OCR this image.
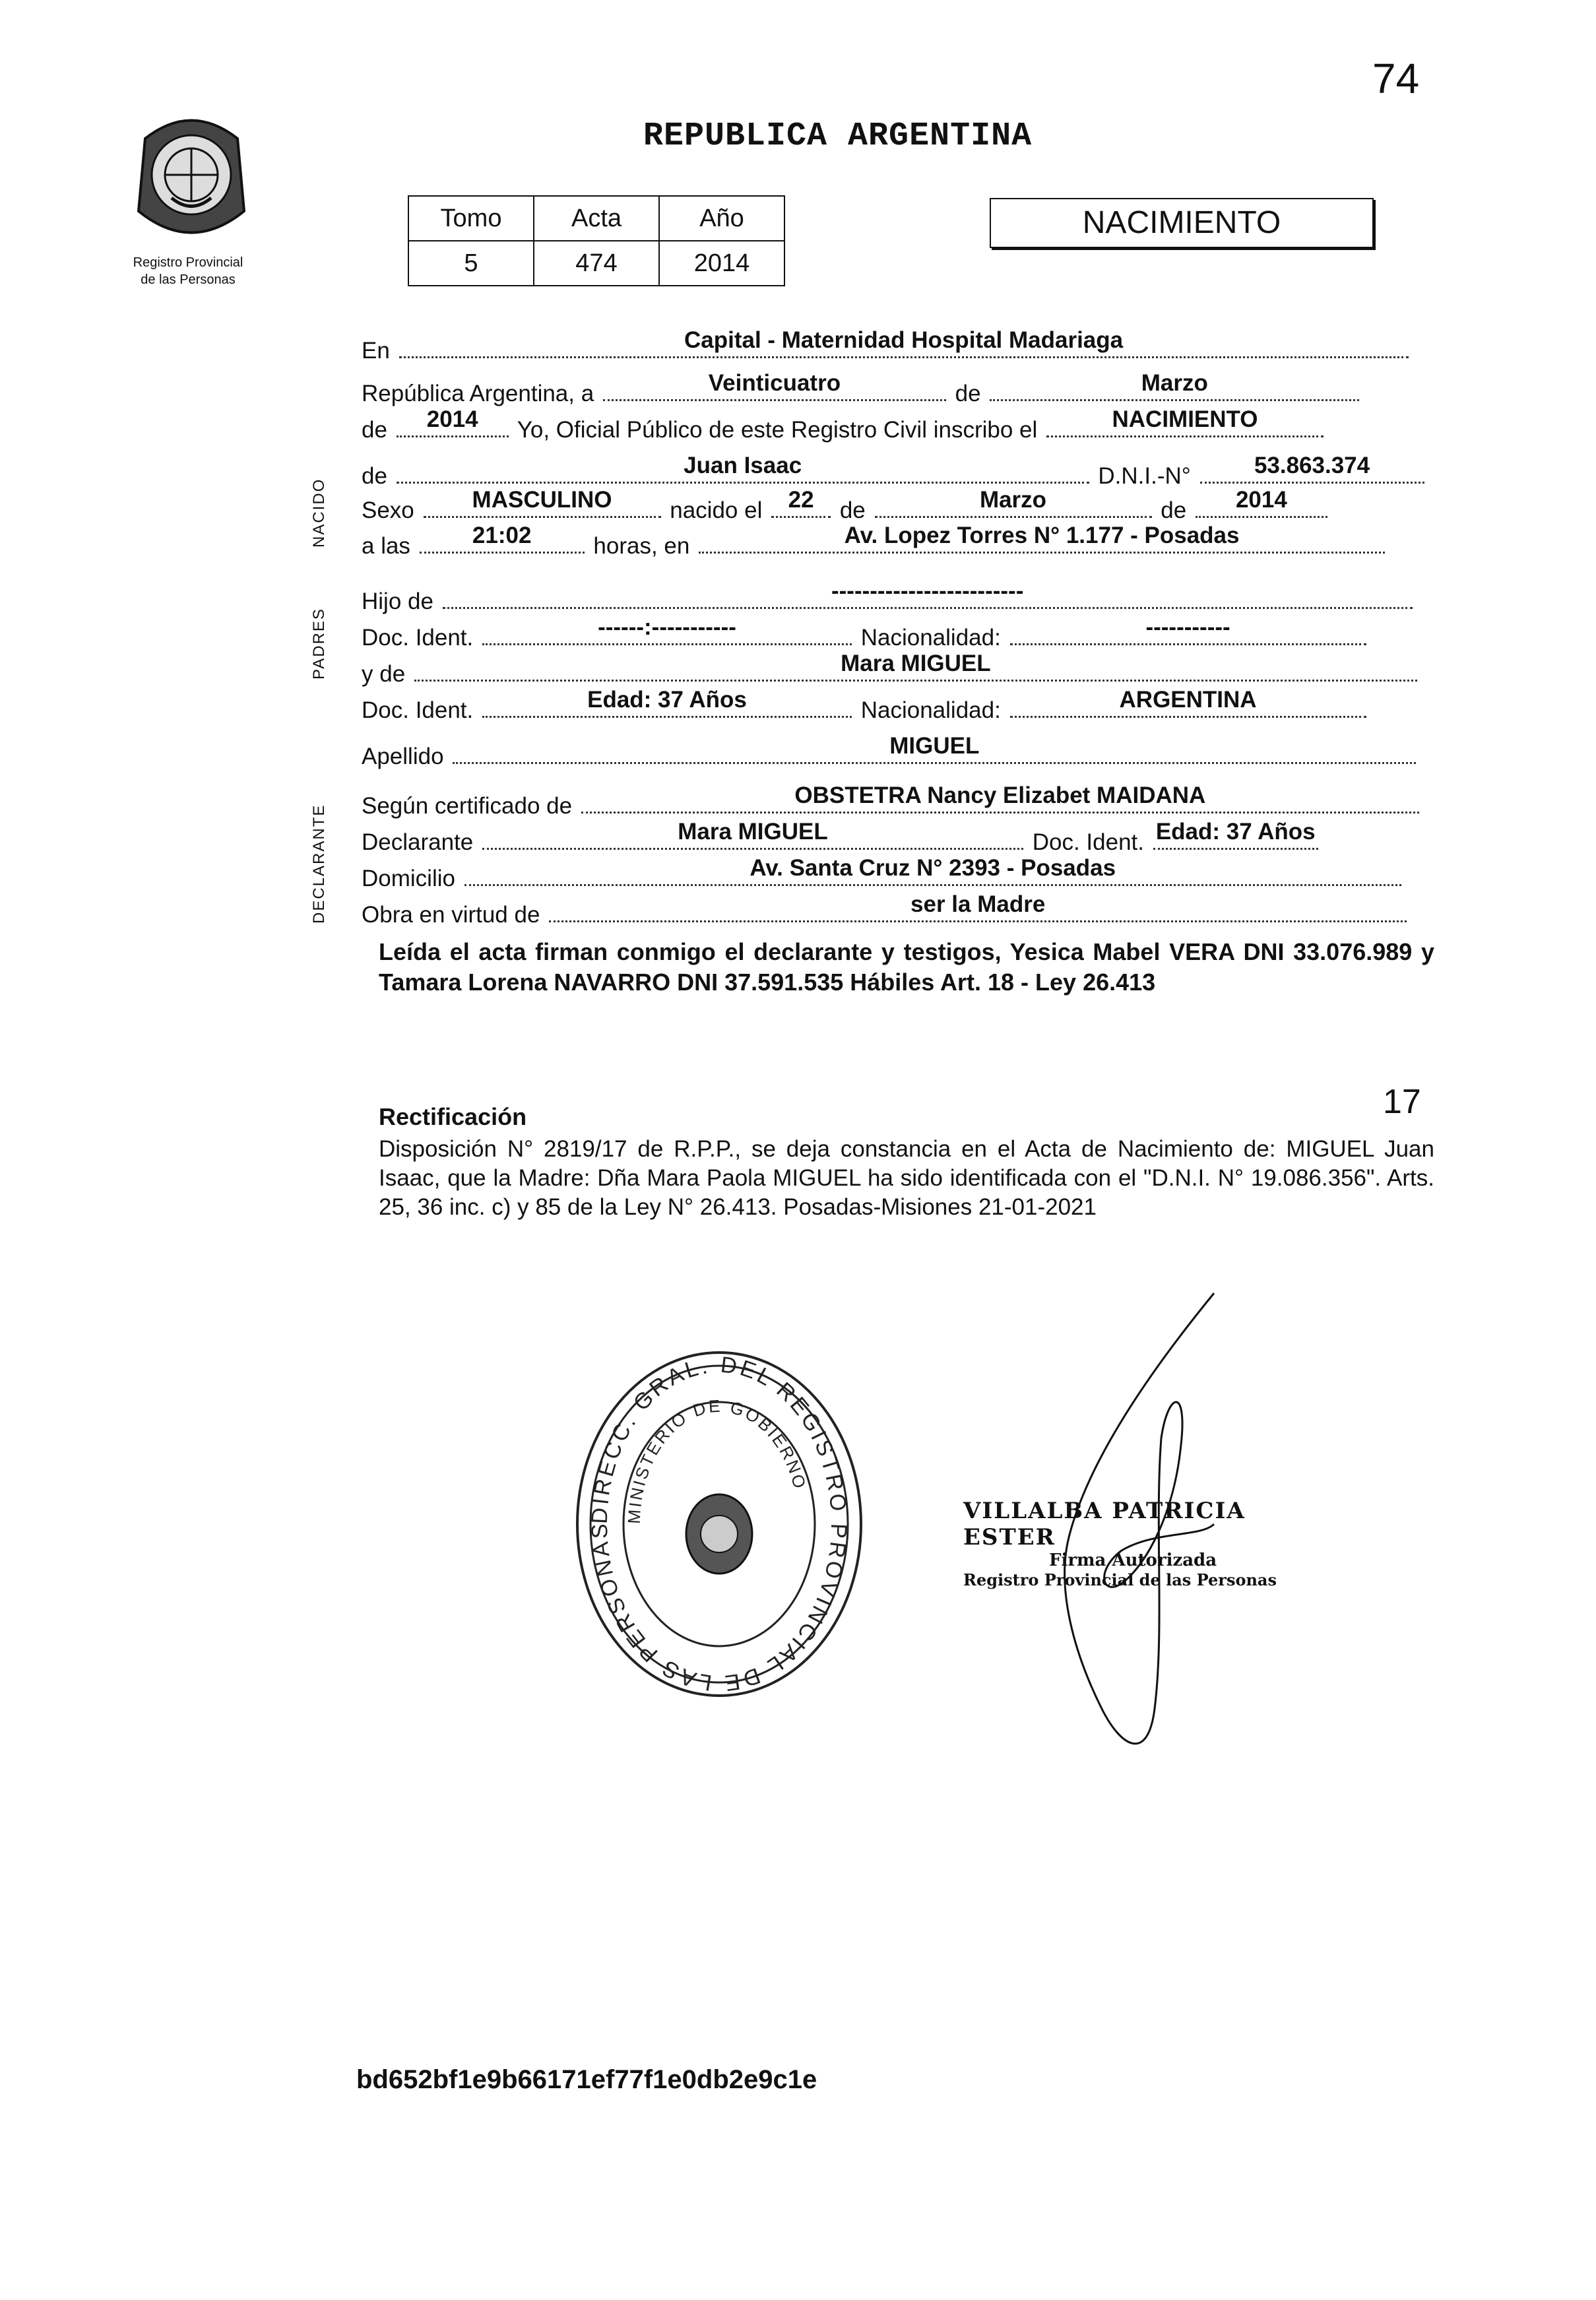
74
Registro Provincial
de las Personas
REPUBLICA ARGENTINA
Tomo	Acta	Año
5	474	2014
NACIMIENTO
NACIDO
PADRES
DECLARANTE
En	Capital - Maternidad Hospital Madariaga
República Argentina, a	Veinticuatro	de	Marzo
de	2014	Yo, Oficial Público de este Registro Civil inscribo el	NACIMIENTO
de	Juan Isaac	D.N.I.-N°	53.863.374
Sexo	MASCULINO	nacido el	22	de	Marzo	de	2014
a las	21:02	horas, en	Av. Lopez Torres N° 1.177 - Posadas
Hijo de	-------------------------
Doc. Ident.	------:-----------	Nacionalidad:	-----------
y de	Mara MIGUEL
Doc. Ident.	Edad: 37 Años	Nacionalidad:	ARGENTINA
Apellido	MIGUEL
Según certificado de	OBSTETRA Nancy Elizabet MAIDANA
Declarante	Mara MIGUEL	Doc. Ident. Edad: 37 Años
Domicilio	Av. Santa Cruz N° 2393 - Posadas
Obra en virtud de	ser la Madre
Leída el acta firman conmigo el declarante y testigos, Yesica Mabel VERA DNI 33.076.989 y Tamara Lorena NAVARRO DNI 37.591.535 Hábiles Art. 18 - Ley 26.413
17
Rectificación
Disposición N° 2819/17 de R.P.P., se deja constancia en el Acta de Nacimiento de: MIGUEL Juan Isaac, que la Madre: Dña Mara Paola MIGUEL ha sido identificada con el "D.N.I. N° 19.086.356". Arts. 25, 36 inc. c) y 85 de la Ley N° 26.413. Posadas-Misiones 21-01-2021
DIRECC. GRAL. DEL REGISTRO PROVINCIAL DE LAS PERSONAS
MINISTERIO DE GOBIERNO
VILLALBA PATRICIA ESTER
Firma Autorizada
Registro Provincial de las Personas
bd652bf1e9b66171ef77f1e0db2e9c1e
